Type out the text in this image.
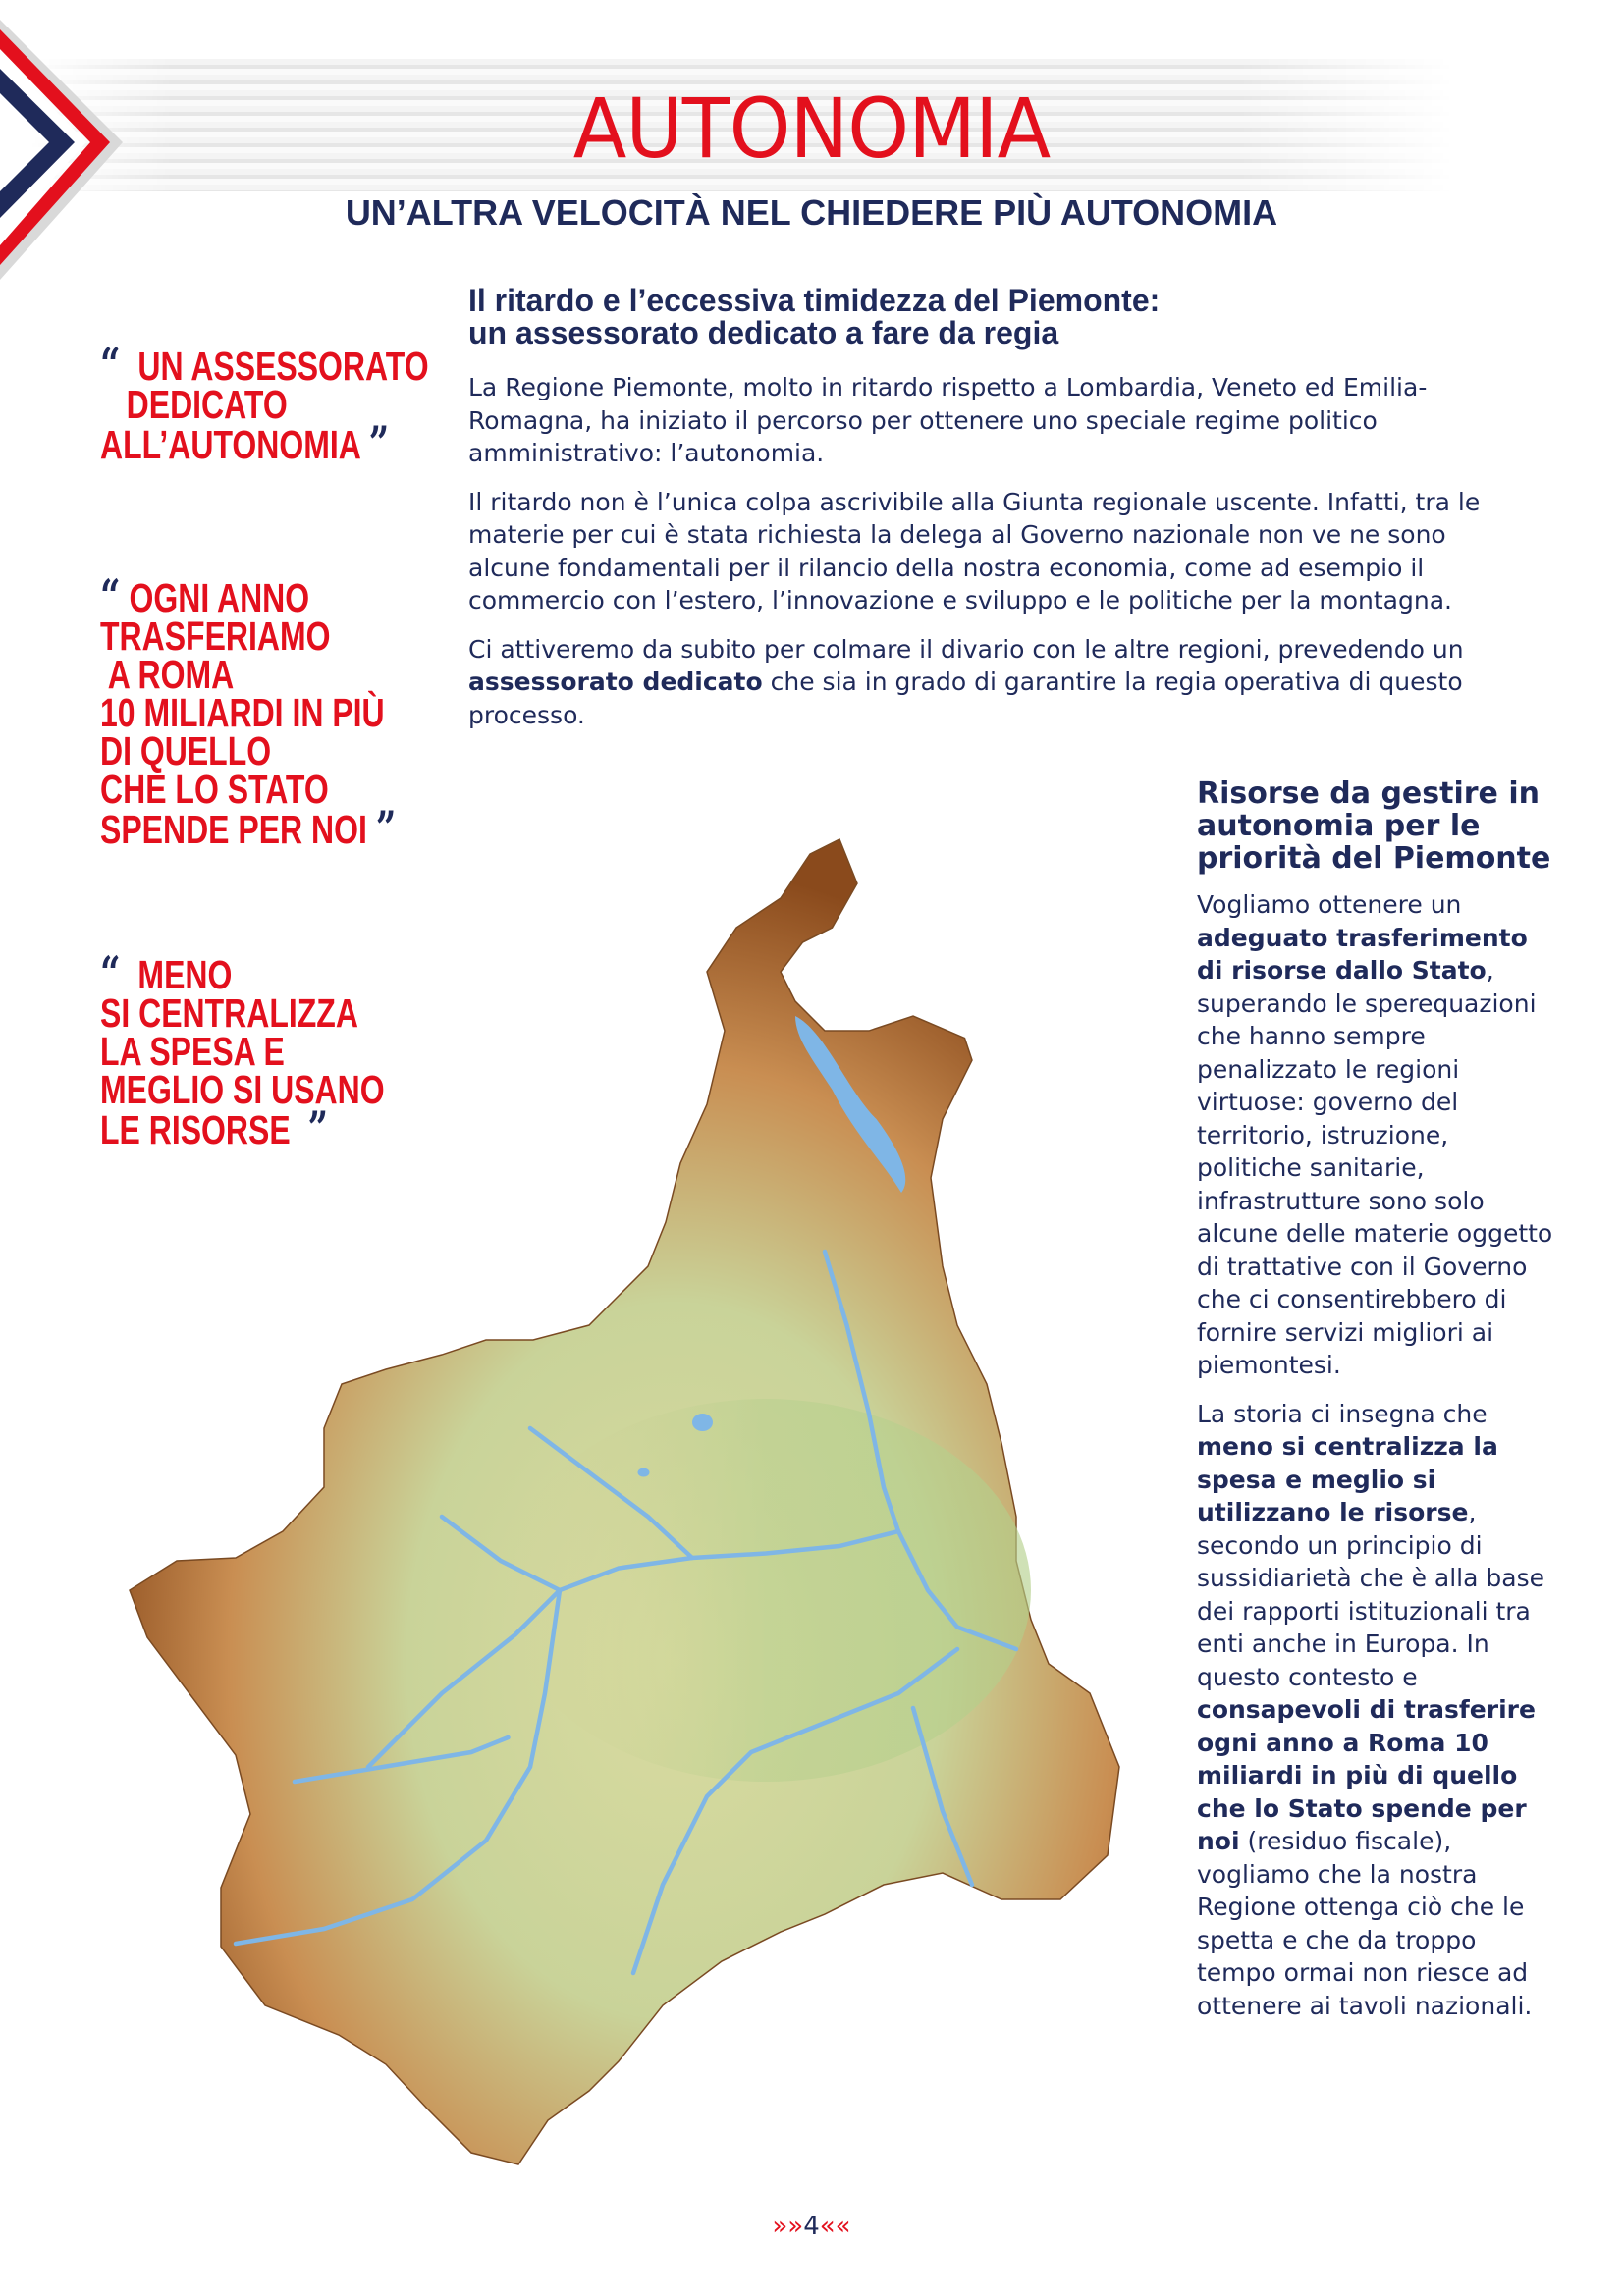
AUTONOMIA
UN’ALTRA VELOCITÀ NEL CHIEDERE PIÙ AUTONOMIA
“ UN ASSESSORATO
DEDICATO
ALL’AUTONOMIA ”
“ OGNI ANNO
TRASFERIAMO
A ROMA
10 MILIARDI IN PIÙ
DI QUELLO
CHE LO STATO
SPENDE PER NOI ”
“ MENO
SI CENTRALIZZA
LA SPESA E
MEGLIO SI USANO
LE RISORSE ”
Il ritardo e l’eccessiva timidezza del Piemonte:
un assessorato dedicato a fare da regia

La Regione Piemonte, molto in ritardo rispetto a Lombardia, Veneto ed Emilia-Romagna, ha iniziato il percorso per ottenere uno speciale regime politico amministrativo: l’autonomia.

Il ritardo non è l’unica colpa ascrivibile alla Giunta regionale uscente. Infatti, tra le materie per cui è stata richiesta la delega al Governo nazionale non ve ne sono alcune fondamentali per il rilancio della nostra economia, come ad esempio il commercio con l’estero, l’innovazione e sviluppo e le politiche per la montagna.

Ci attiveremo da subito per colmare il divario con le altre regioni, prevedendo un assessorato dedicato che sia in grado di garantire la regia operativa di questo processo.

Risorse da gestire in autonomia per le priorità del Piemonte

Vogliamo ottenere un adeguato trasferimento di risorse dallo Stato, superando le sperequazioni che hanno sempre penalizzato le regioni virtuose: governo del territorio, istruzione, politiche sanitarie, infrastrutture sono solo alcune delle materie oggetto di trattative con il Governo che ci consentirebbero di fornire servizi migliori ai piemontesi.

La storia ci insegna che meno si centralizza la spesa e meglio si utilizzano le risorse, secondo un principio di sussidiarietà che è alla base dei rapporti istituzionali tra enti anche in Europa. In questo contesto e consapevoli di trasferire ogni anno a Roma 10 miliardi in più di quello che lo Stato spende per noi (residuo fiscale), vogliamo che la nostra Regione ottenga ciò che le spetta e che da troppo tempo ormai non riesce ad ottenere ai tavoli nazionali.

»»4««
